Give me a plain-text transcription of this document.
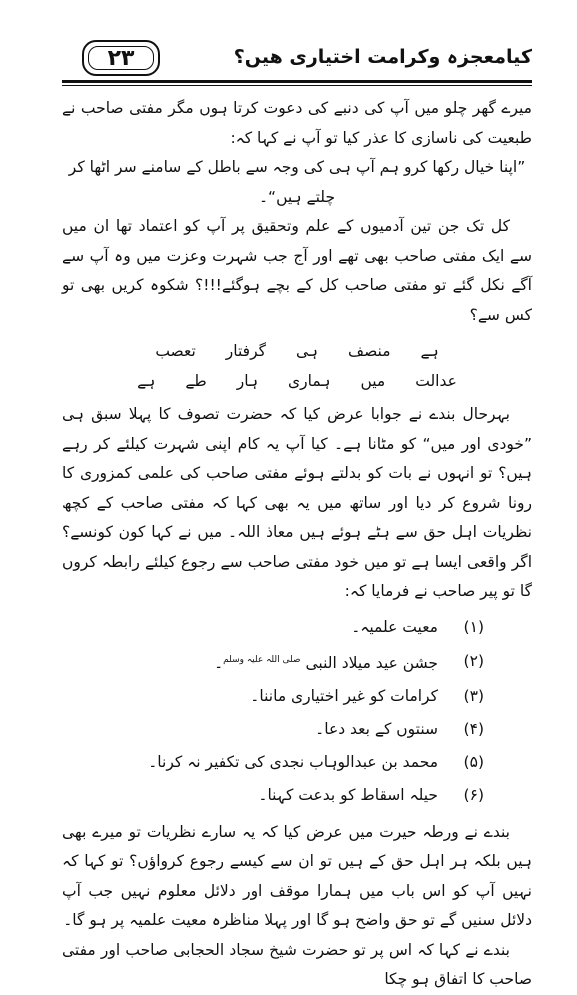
۲۳	کیامعجزہ وکرامت اختیاری ھیں؟

میرے گھر چلو میں آپ کی دنبے کی دعوت کرتا ہوں مگر مفتی صاحب نے طبعیت کی ناسازی کا عذر کیا تو آپ نے کہا کہ:

”اپنا خیال رکھا کرو ہم آپ ہی کی وجہ سے باطل کے سامنے سر اٹھا کر چلتے ہیں“۔

کل تک جن تین آدمیوں کے علم وتحقیق پر آپ کو اعتماد تھا ان میں سے ایک مفتی صاحب بھی تھے اور آج جب شہرت وعزت میں وہ آپ سے آگے نکل گئے تو مفتی صاحب کل کے بچے ہوگئے!!!؟ شکوہ کریں بھی تو کس سے؟

ہے
منصف
ہی
گرفتار
تعصب
عدالت
میں
ہماری
ہار
طے
ہے

بہرحال بندے نے جوابا عرض کیا کہ حضرت تصوف کا پہلا سبق ہی ”خودی اور میں“ کو مٹانا ہے۔ کیا آپ یہ کام اپنی شہرت کیلئے کر رہے ہیں؟ تو انہوں نے بات کو بدلتے ہوئے مفتی صاحب کی علمی کمزوری کا رونا شروع کر دیا اور ساتھ میں یہ بھی کہا کہ مفتی صاحب کے کچھ نظریات اہل حق سے ہٹے ہوئے ہیں معاذ اللہ۔ میں نے کہا کون کونسے؟ اگر واقعی ایسا ہے تو میں خود مفتی صاحب سے رجوع کیلئے رابطہ کروں گا تو پیر صاحب نے فرمایا کہ:

(۱)
معیت علمیہ۔
(۲)
جشن عید میلاد النبی $^{صلی اللہ علیہ وسلم}$۔
(۳)
کرامات کو غیر اختیاری ماننا۔
(۴)
سنتوں کے بعد دعا۔
(۵)
محمد بن عبدالوہاب نجدی کی تکفیر نہ کرنا۔
(۶)
حیلہ اسقاط کو بدعت کہنا۔

بندے نے ورطہ حیرت میں عرض کیا کہ یہ سارے نظریات تو میرے بھی ہیں بلکہ ہر اہل حق کے ہیں تو ان سے کیسے رجوع کرواؤں؟ تو کہا کہ نہیں آپ کو اس باب میں ہمارا موقف اور دلائل معلوم نہیں جب آپ دلائل سنیں گے تو حق واضح ہو گا اور پہلا مناظرہ معیت علمیہ پر ہو گا۔

بندے نے کہا کہ اس پر تو حضرت شیخ سجاد الحجابی صاحب اور مفتی صاحب کا اتفاق ہو چکا
